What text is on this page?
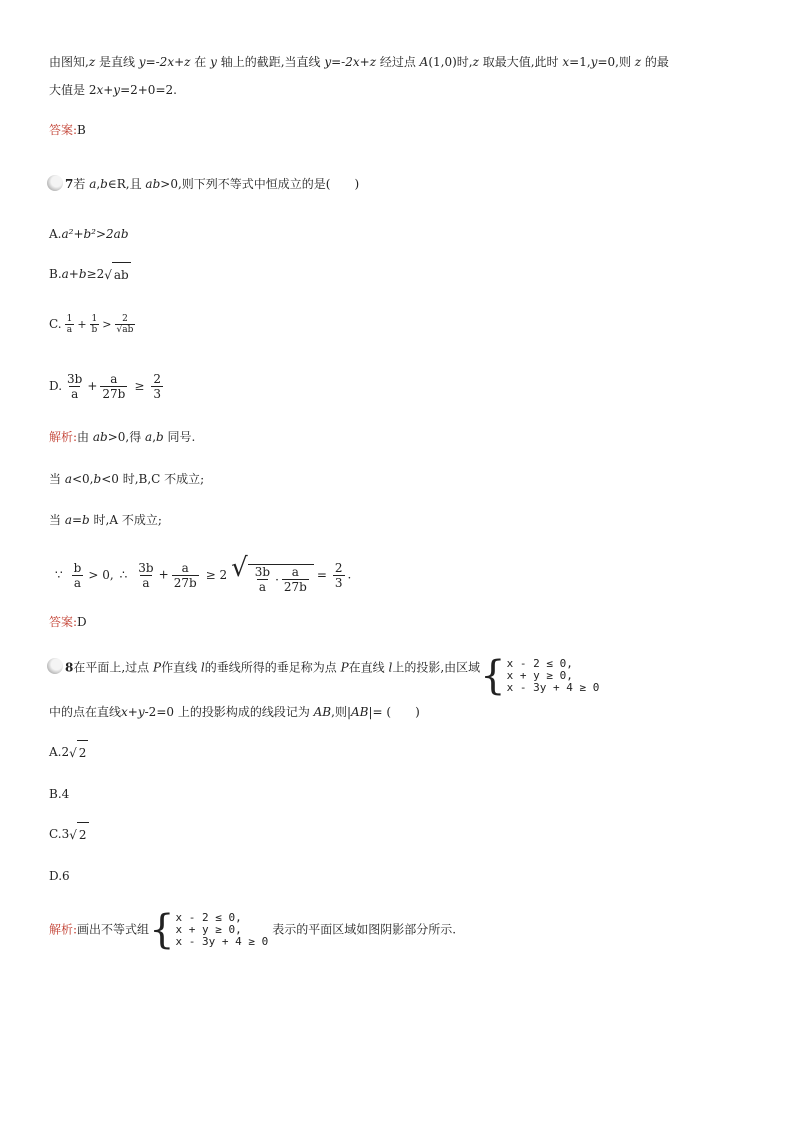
由图知,z 是直线 y=-2x+z 在 y 轴上的截距,当直线 y=-2x+z 经过点 A(1,0)时,z 取最大值,此时 x=1,y=0,则 z 的最
大值是 2x+y=2+0=2.
答案:B
7若 a,b∈R,且 ab>0,则下列不等式中恒成立的是(　　)
A.a²+b²>2ab
B.a+b≥2√ ab
C. $\frac{1}{a} + \frac{1}{b} > \frac{2}{√ab}$
D. $\frac{3b}{a} + \frac{a}{27b} \ge \frac{2}{3}$
解析:由 ab>0,得 a,b 同号.
当 a<0,b<0 时,B,C 不成立;
当 a=b 时,A 不成立;
∵ $\frac{b}{a} > 0$, ∴ $\frac{3b}{a} + \frac{a}{27b} \ge 2$ √ $\frac{3b}{a} \cdot \frac{a}{27b} = \frac{2}{3}$ .
答案:D
8在平面上,过点 P作直线 l的垂线所得的垂足称为点 P在直线 l上的投影,由区域 { x - 2 ≤ 0,
x + y ≥ 0,
x - 3y + 4 ≥ 0
中的点在直线x+y-2=0 上的投影构成的线段记为 AB,则|AB|= (　　)
A.2√ 2
B.4
C.3√ 2
D.6
解析:画出不等式组 { x - 2 ≤ 0,
x + y ≥ 0,
x - 3y + 4 ≥ 0
表示的平面区域如图阴影部分所示.
